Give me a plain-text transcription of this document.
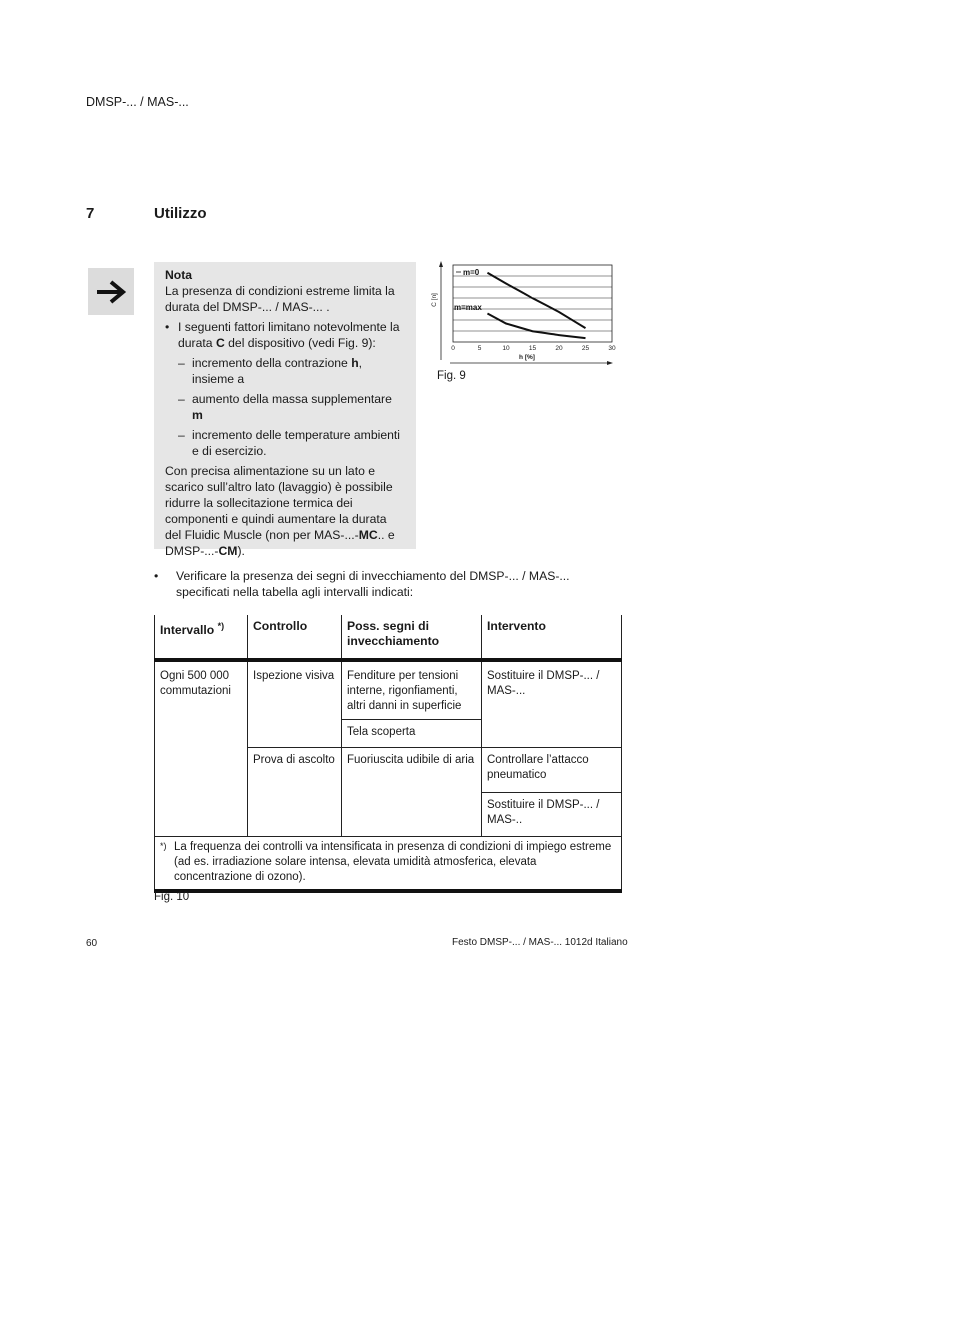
DMSP-... / MAS-...
7	Utilizzo

Nota

La presenza di condizioni estreme limita la durata del DMSP-... / MAS-... .

• I seguenti fattori limitano notevolmente la durata C del dispositivo (vedi Fig. 9):
– incremento della contrazione h, insieme a
– aumento della massa supplementare m
– incremento delle temperature ambienti e di esercizio.

Con precisa alimentazione su un lato e scarico sull’altro lato (lavaggio) è possibile ridurre la sollecitazione termica dei componenti e quindi aumentare la durata del Fluidic Muscle (non per MAS-...-MC.. e DMSP-...-CM).

0	5	10	15	20	25	30
h [%]
C [n]
m=0
m=max
Fig. 9
•	Verificare la presenza dei segni di invecchiamento del DMSP-... / MAS-... specificati nella tabella agli intervalli indicati:
Intervallo *)	Controllo	Poss. segni di invecchiamento	Intervento
Ogni 500 000 commutazioni	Ispezione visiva	Fenditure per tensioni interne, rigonfiamenti, altri danni in superficie	Sostituire il DMSP-... / MAS-...
		Tela scoperta	
	Prova di ascolto	Fuoriuscita udibile di aria	Controllare l’attacco pneumatico
			Sostituire il DMSP-... / MAS-..

*) La frequenza dei controlli va intensificata in presenza di condizioni di impiego estreme (ad es. irradiazione solare intensa, elevata umidità atmosferica, elevata concentrazione di ozono).			
Fig. 10
60	Festo DMSP-... / MAS-... 1012d Italiano
